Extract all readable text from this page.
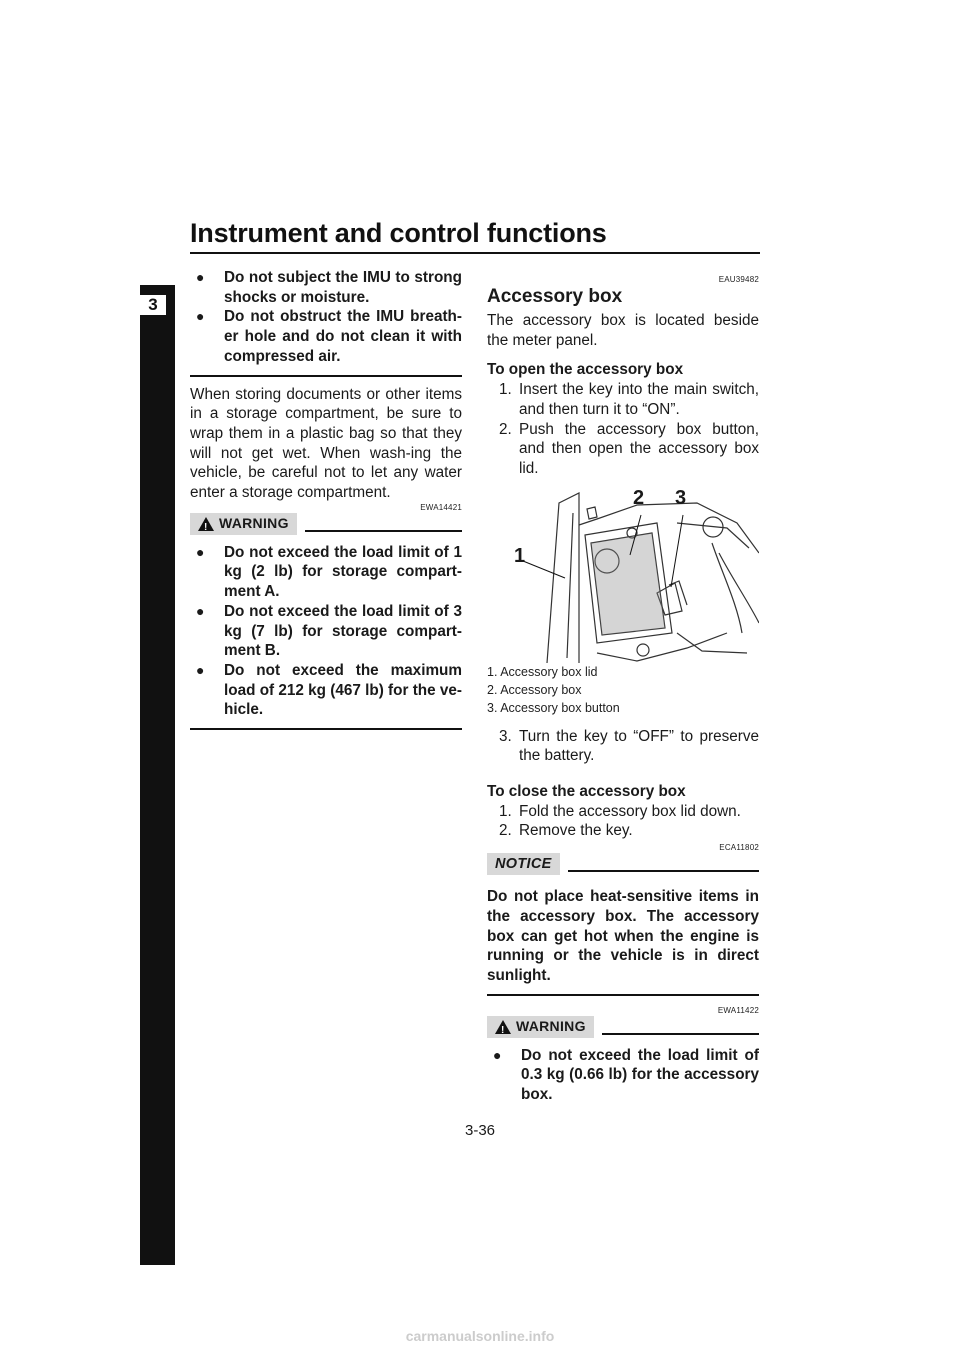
Instrument and control functions
3

● Do not subject the IMU to strong shocks or moisture.

● Do not obstruct the IMU breath-er hole and do not clean it with compressed air.

When storing documents or other items in a storage compartment, be sure to wrap them in a plastic bag so that they will not get wet. When wash-ing the vehicle, be careful not to let any water enter a storage compartment.

EWA14421
!
WARNING

● Do not exceed the load limit of 1 kg (2 lb) for storage compart-ment A.

● Do not exceed the load limit of 3 kg (7 lb) for storage compart-ment B.

● Do not exceed the maximum load of 212 kg (467 lb) for the ve-hicle.

EAU39482

Accessory box

The accessory box is located beside the meter panel.

To open the accessory box

1. Insert the key into the main switch, and then turn it to “ON”.

2. Push the accessory box button, and then open the accessory box lid.

1
2 3
1. Accessory box lid
2. Accessory box
3. Accessory box button

3. Turn the key to “OFF” to preserve the battery.

To close the accessory box

1. Fold the accessory box lid down.

2. Remove the key.

ECA11802
NOTICE

Do not place heat-sensitive items in the accessory box. The accessory box can get hot when the engine is running or the vehicle is in direct sunlight.

EWA11422
!
WARNING

● Do not exceed the load limit of 0.3 kg (0.66 lb) for the accessory box.

3-36
carmanualsonline.info
